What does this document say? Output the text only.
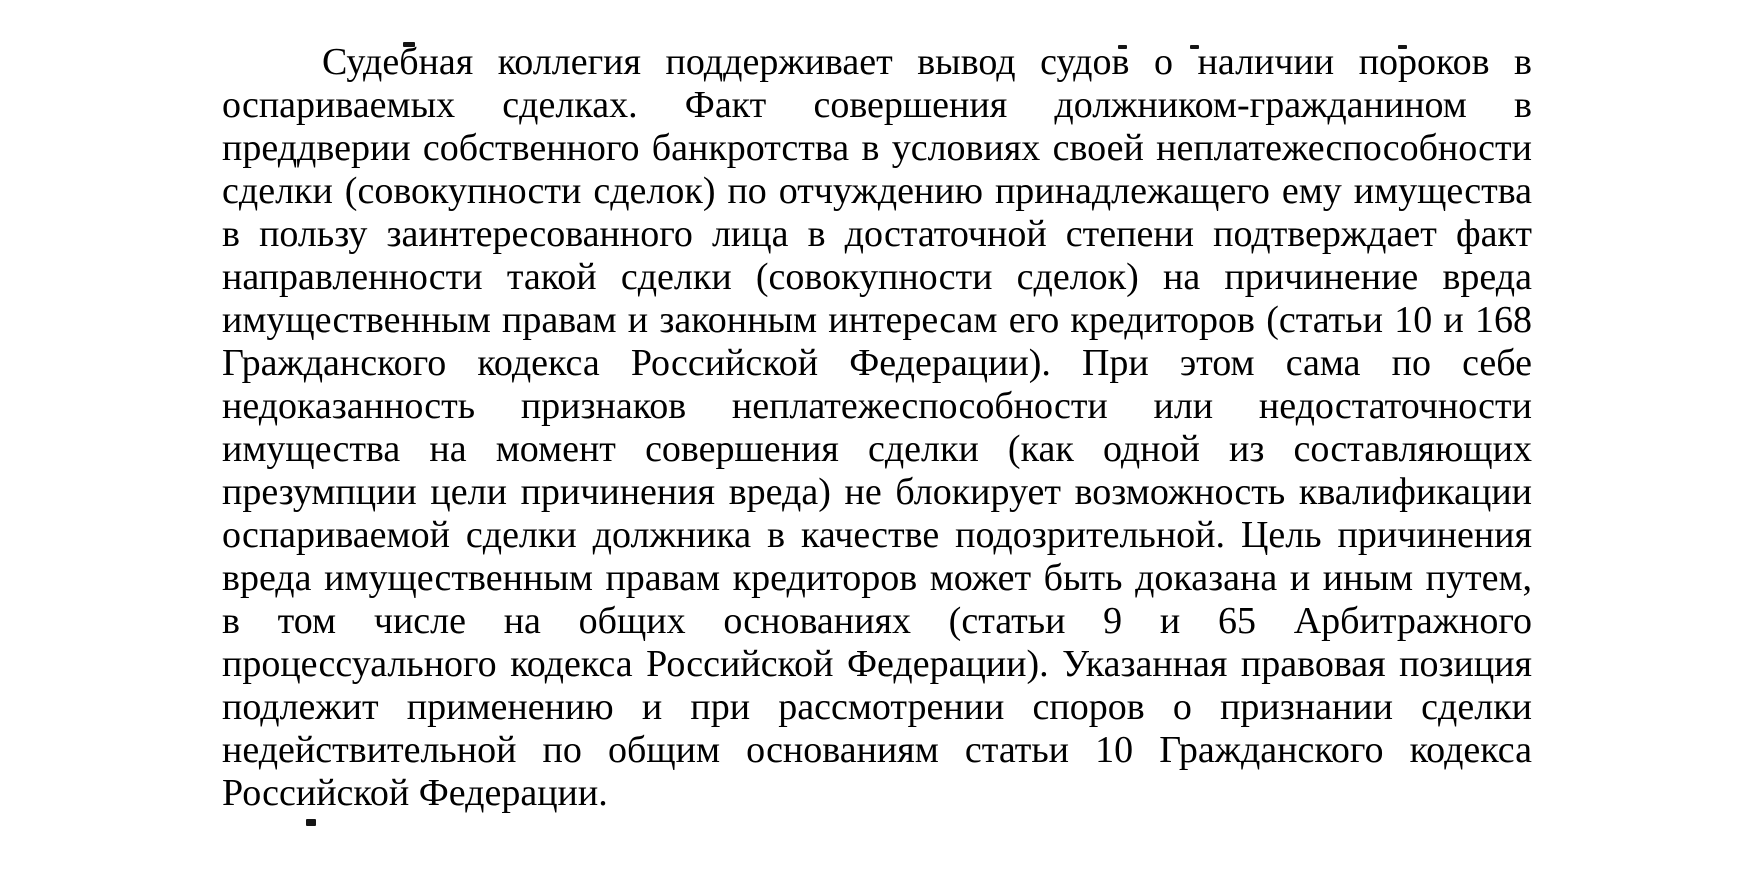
Судебная коллегия поддерживает вывод судов о наличии пороков в
оспариваемых сделках. Факт совершения должником-гражданином в
преддверии собственного банкротства в условиях своей неплатежеспособности
сделки (совокупности сделок) по отчуждению принадлежащего ему имущества
в пользу заинтересованного лица в достаточной степени подтверждает факт
направленности такой сделки (совокупности сделок) на причинение вреда
имущественным правам и законным интересам его кредиторов (статьи 10 и 168
Гражданского кодекса Российской Федерации). При этом сама по себе
недоказанность признаков неплатежеспособности или недостаточности
имущества на момент совершения сделки (как одной из составляющих
презумпции цели причинения вреда) не блокирует возможность квалификации
оспариваемой сделки должника в качестве подозрительной. Цель причинения
вреда имущественным правам кредиторов может быть доказана и иным путем,
в том числе на общих основаниях (статьи 9 и 65 Арбитражного
процессуального кодекса Российской Федерации). Указанная правовая позиция
подлежит применению и при рассмотрении споров о признании сделки
недействительной по общим основаниям статьи 10 Гражданского кодекса
Российской Федерации.
